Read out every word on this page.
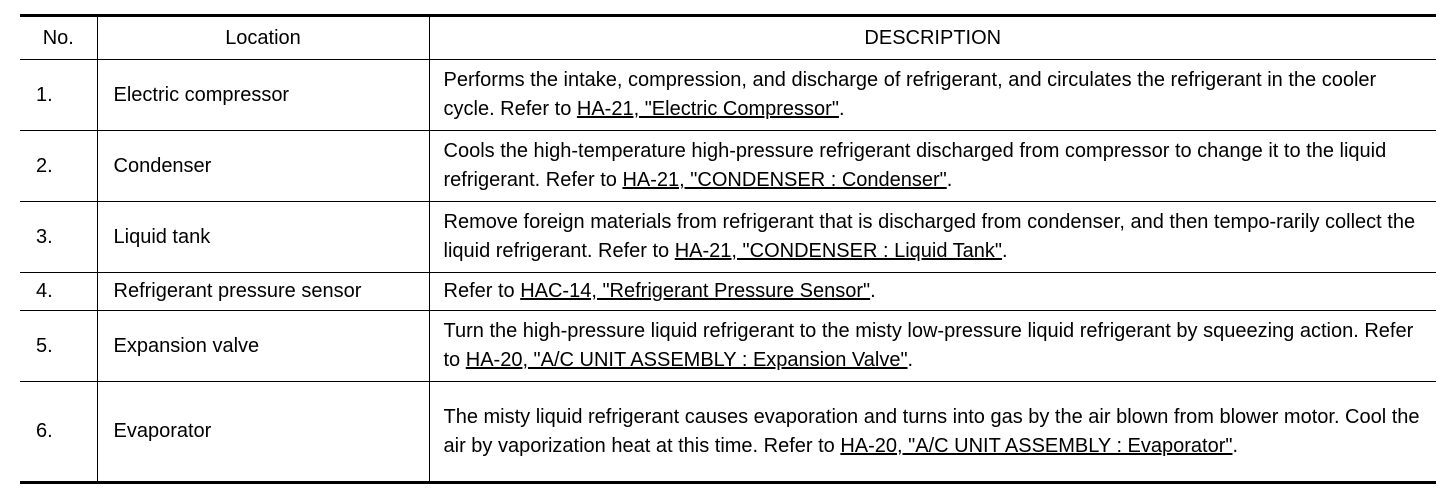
No.	Location	DESCRIPTION
1.	Electric compressor	Performs the intake, compression, and discharge of refrigerant, and circulates the refrigerant in the cooler cycle. Refer to HA-21, "Electric Compressor".
2.	Condenser	Cools the high-temperature high-pressure refrigerant discharged from compressor to change it to the liquid refrigerant. Refer to HA-21, "CONDENSER : Condenser".
3.	Liquid tank	Remove foreign materials from refrigerant that is discharged from condenser, and then tempo-rarily collect the liquid refrigerant. Refer to HA-21, "CONDENSER : Liquid Tank".
4.	Refrigerant pressure sensor	Refer to HAC-14, "Refrigerant Pressure Sensor".
5.	Expansion valve	Turn the high-pressure liquid refrigerant to the misty low-pressure liquid refrigerant by squeezing action. Refer to HA-20, "A/C UNIT ASSEMBLY : Expansion Valve".
6.	Evaporator	The misty liquid refrigerant causes evaporation and turns into gas by the air blown from blower motor. Cool the air by vaporization heat at this time. Refer to HA-20, "A/C UNIT ASSEMBLY : Evaporator".
